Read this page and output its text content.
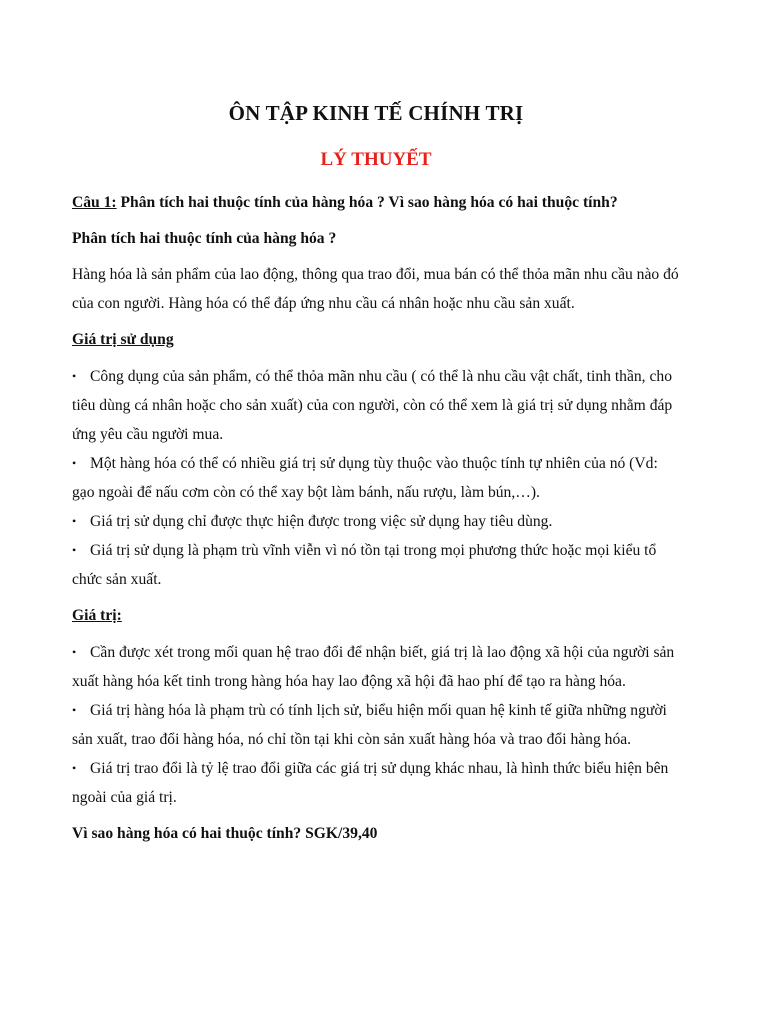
ÔN TẬP KINH TẾ CHÍNH TRỊ
LÝ THUYẾT
Câu 1: Phân tích hai thuộc tính của hàng hóa ? Vì sao hàng hóa có hai thuộc tính?
Phân tích hai thuộc tính của hàng hóa ?
Hàng hóa là sản phẩm của lao động, thông qua trao đổi, mua bán có thể thỏa mãn nhu cầu nào đó của con người. Hàng hóa có thể đáp ứng nhu cầu cá nhân hoặc nhu cầu sản xuất.
Giá trị sử dụng
• Công dụng của sản phẩm, có thể thỏa mãn nhu cầu ( có thể là nhu cầu vật chất, tinh thần, cho tiêu dùng cá nhân hoặc cho sản xuất) của con người, còn có thể xem là giá trị sử dụng nhằm đáp ứng yêu cầu người mua.
• Một hàng hóa có thể có nhiều giá trị sử dụng tùy thuộc vào thuộc tính tự nhiên của nó (Vd: gạo ngoài để nấu cơm còn có thể xay bột làm bánh, nấu rượu, làm bún,…).
• Giá trị sử dụng chỉ được thực hiện được trong việc sử dụng hay tiêu dùng.
• Giá trị sử dụng là phạm trù vĩnh viễn vì nó tồn tại trong mọi phương thức hoặc mọi kiểu tổ chức sản xuất.
Giá trị:
• Cần được xét trong mối quan hệ trao đổi để nhận biết, giá trị là lao động xã hội của người sản xuất hàng hóa kết tinh trong hàng hóa hay lao động xã hội đã hao phí để tạo ra hàng hóa.
• Giá trị hàng hóa là phạm trù có tính lịch sử, biểu hiện mối quan hệ kinh tế giữa những người sản xuất, trao đổi hàng hóa, nó chỉ tồn tại khi còn sản xuất hàng hóa và trao đổi hàng hóa.
• Giá trị trao đổi là tỷ lệ trao đổi giữa các giá trị sử dụng khác nhau, là hình thức biểu hiện bên ngoài của giá trị.
Vì sao hàng hóa có hai thuộc tính? SGK/39,40
